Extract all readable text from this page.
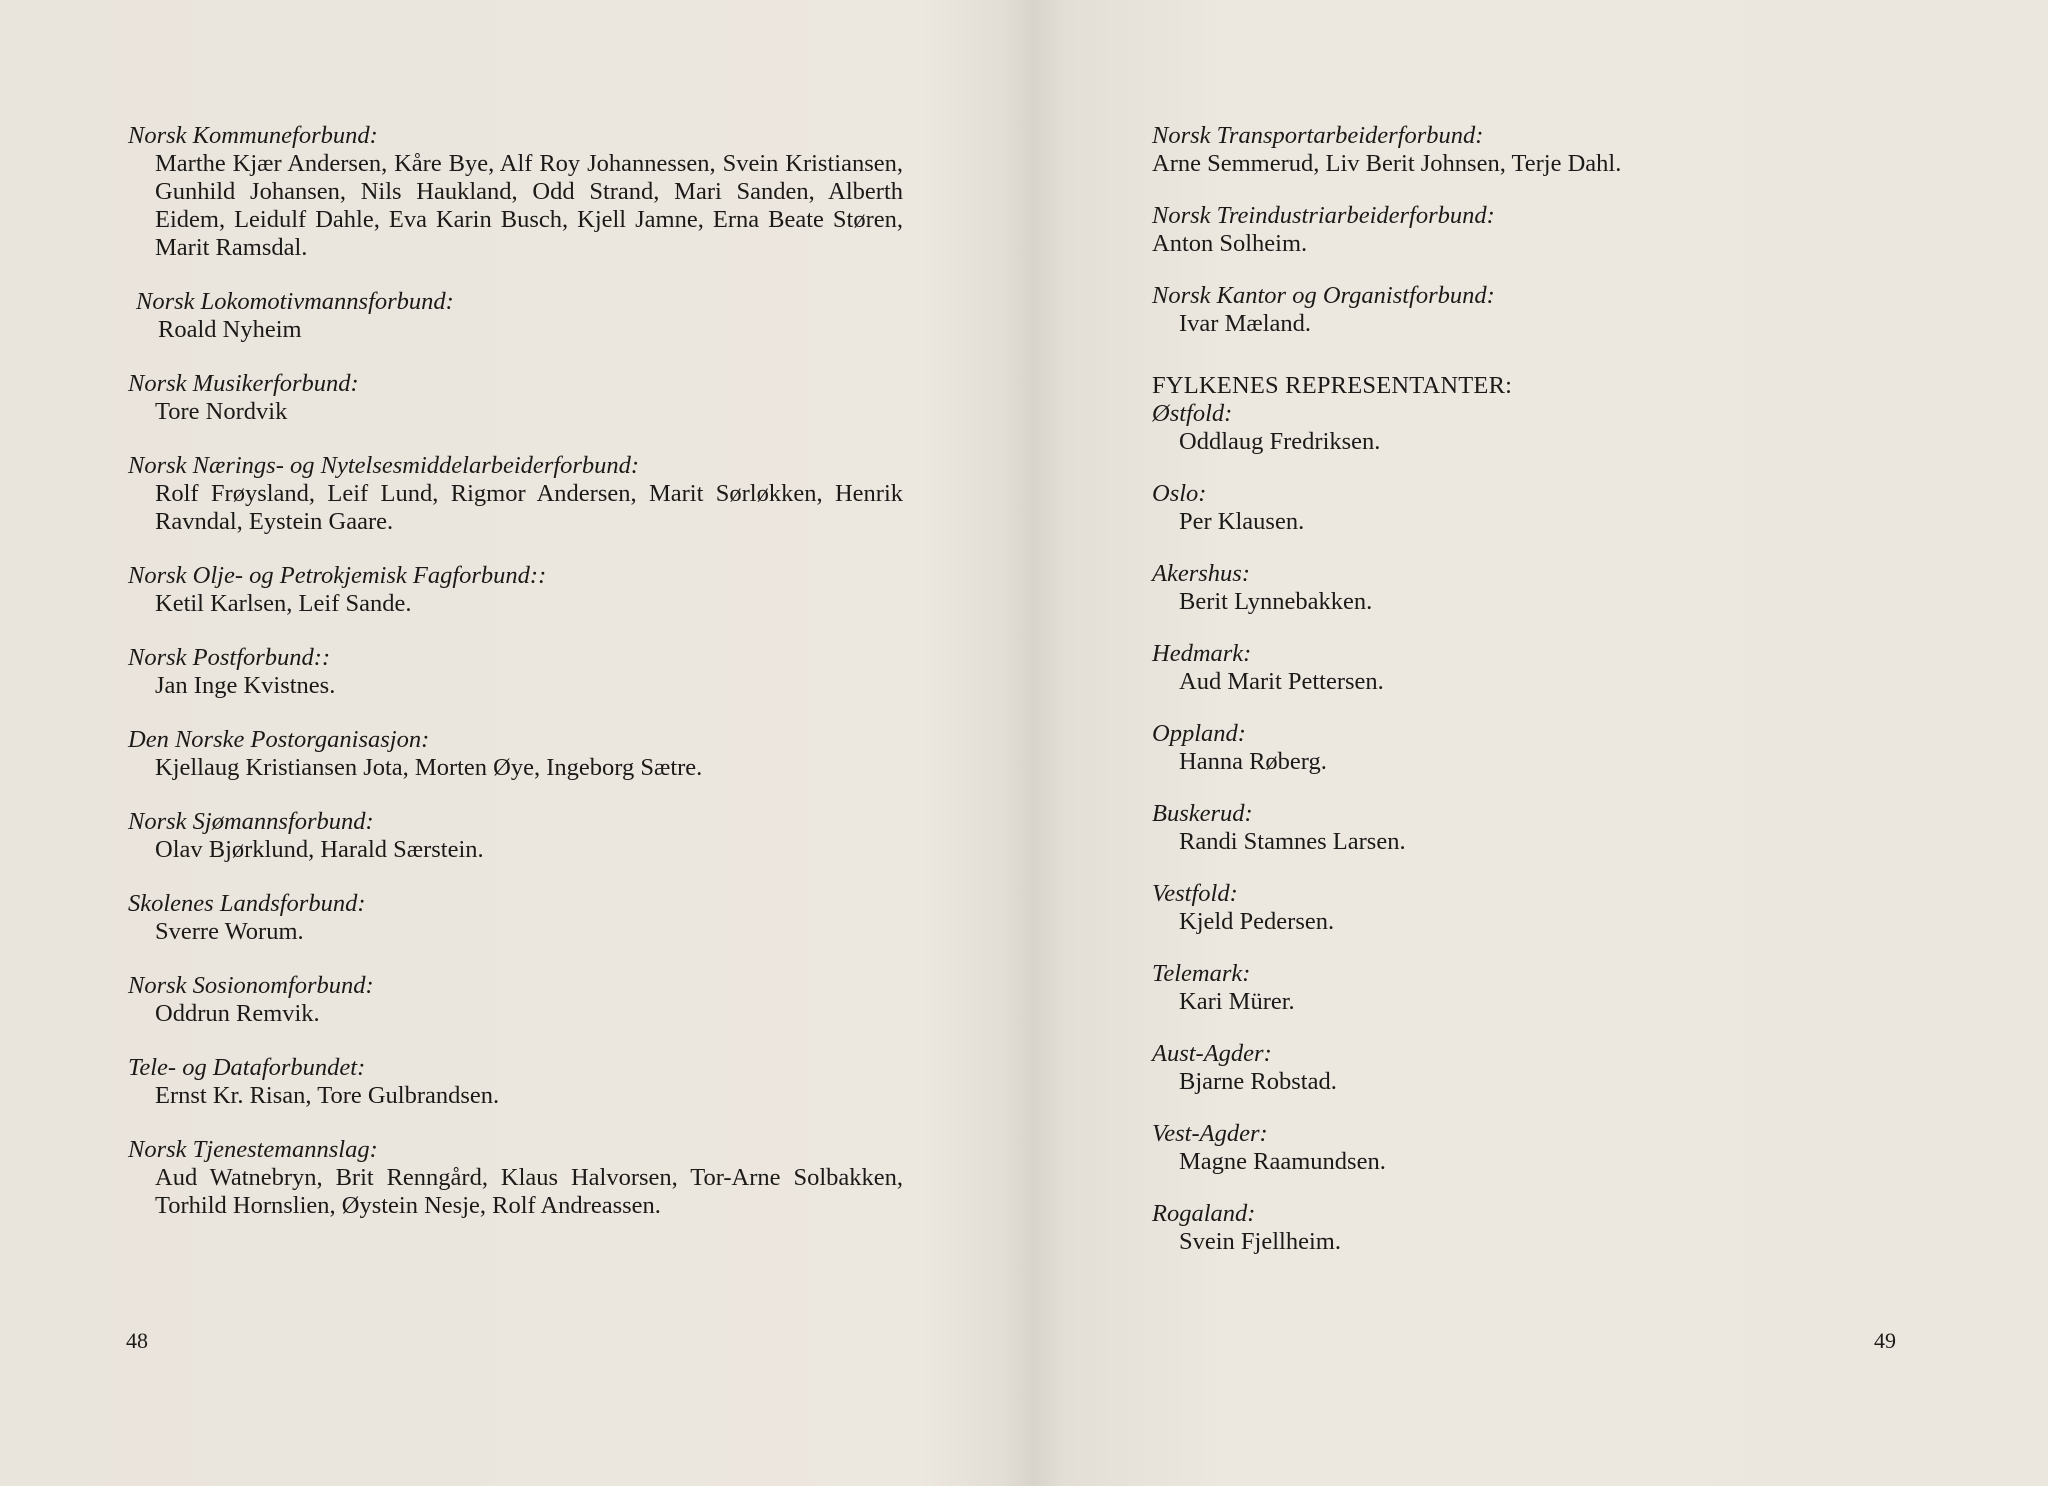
Norsk Kommuneforbund:

Marthe Kjær Andersen, Kåre Bye, Alf Roy Johannessen, Svein Kristiansen, Gunhild Johansen, Nils Haukland, Odd Strand, Mari Sanden, Alberth Eidem, Leidulf Dahle, Eva Karin Busch, Kjell Jamne, Erna Beate Støren, Marit Ramsdal.

Norsk Lokomotivmannsforbund:

Roald Nyheim

Norsk Musikerforbund:

Tore Nordvik

Norsk Nærings- og Nytelsesmiddelarbeiderforbund:

Rolf Frøysland, Leif Lund, Rigmor Andersen, Marit Sørløkken, Henrik Ravndal, Eystein Gaare.

Norsk Olje- og Petrokjemisk Fagforbund::

Ketil Karlsen, Leif Sande.

Norsk Postforbund::

Jan Inge Kvistnes.

Den Norske Postorganisasjon:

Kjellaug Kristiansen Jota, Morten Øye, Ingeborg Sætre.

Norsk Sjømannsforbund:

Olav Bjørklund, Harald Særstein.

Skolenes Landsforbund:

Sverre Worum.

Norsk Sosionomforbund:

Oddrun Remvik.

Tele- og Dataforbundet:

Ernst Kr. Risan, Tore Gulbrandsen.

Norsk Tjenestemannslag:

Aud Watnebryn, Brit Renngård, Klaus Halvorsen, Tor-Arne Solbakken, Torhild Hornslien, Øystein Nesje, Rolf Andreassen.

48

Norsk Transportarbeiderforbund:

Arne Semmerud, Liv Berit Johnsen, Terje Dahl.

Norsk Treindustriarbeiderforbund:

Anton Solheim.

Norsk Kantor og Organistforbund:

Ivar Mæland.

FYLKENES REPRESENTANTER:

Østfold:

Oddlaug Fredriksen.

Oslo:

Per Klausen.

Akershus:

Berit Lynnebakken.

Hedmark:

Aud Marit Pettersen.

Oppland:

Hanna Røberg.

Buskerud:

Randi Stamnes Larsen.

Vestfold:

Kjeld Pedersen.

Telemark:

Kari Mürer.

Aust-Agder:

Bjarne Robstad.

Vest-Agder:

Magne Raamundsen.

Rogaland:

Svein Fjellheim.

49
